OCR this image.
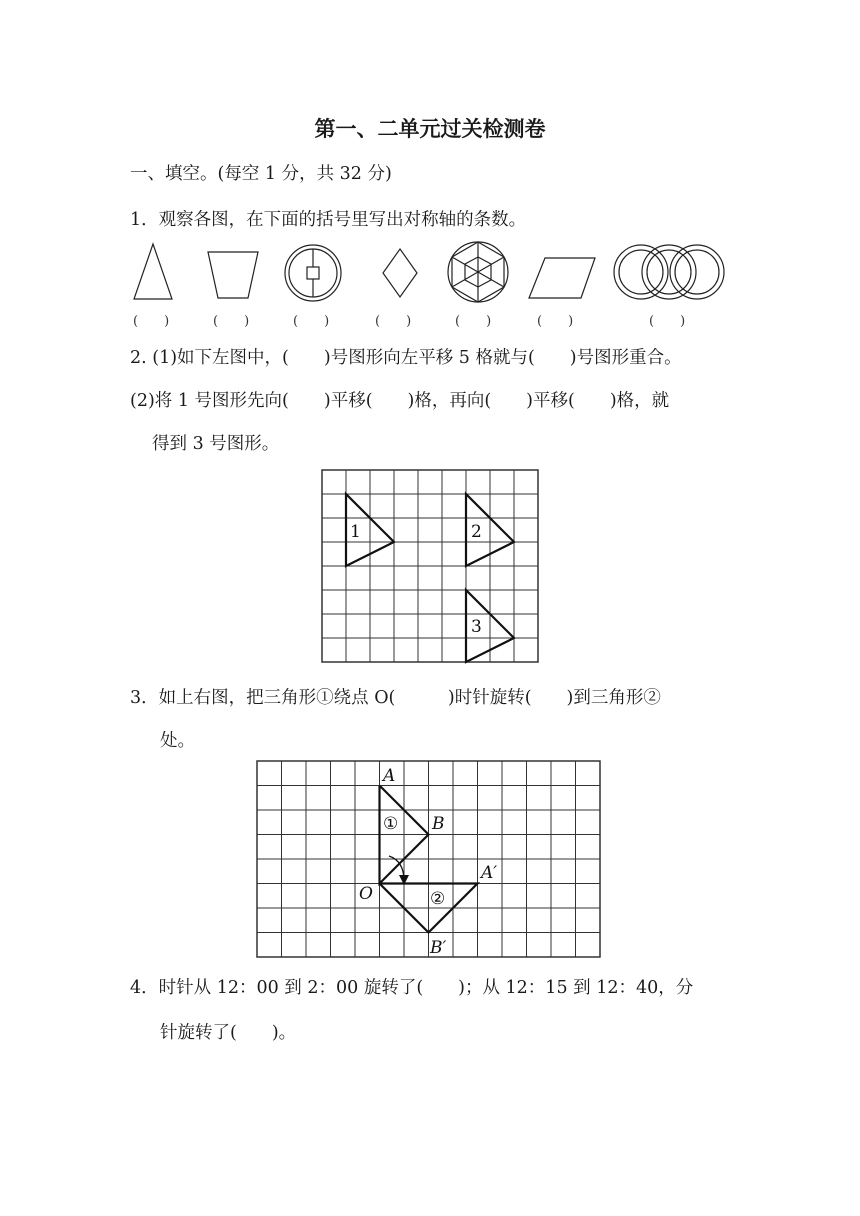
第一、二单元过关检测卷
一、填空。(每空 1 分，共 32 分)
1．观察各图，在下面的括号里写出对称轴的条数。
(　　)	(　　)	(　　)	(　　)	(　　)	(　　)	(　　)
2. (1)如下左图中，(　　)号图形向左平移 5 格就与(　　)号图形重合。
(2)将 1 号图形先向(　　)平移(　　)格，再向(　　)平移(　　)格，就
得到 3 号图形。
1	2
3
3．如上右图，把三角形①绕点 O(　　　)时针旋转(　　)到三角形②
处。
A
B
O
A′
B′
①
②
4．时针从 12：00 到 2：00 旋转了(　　)；从 12：15 到 12：40，分
针旋转了(　　)。
